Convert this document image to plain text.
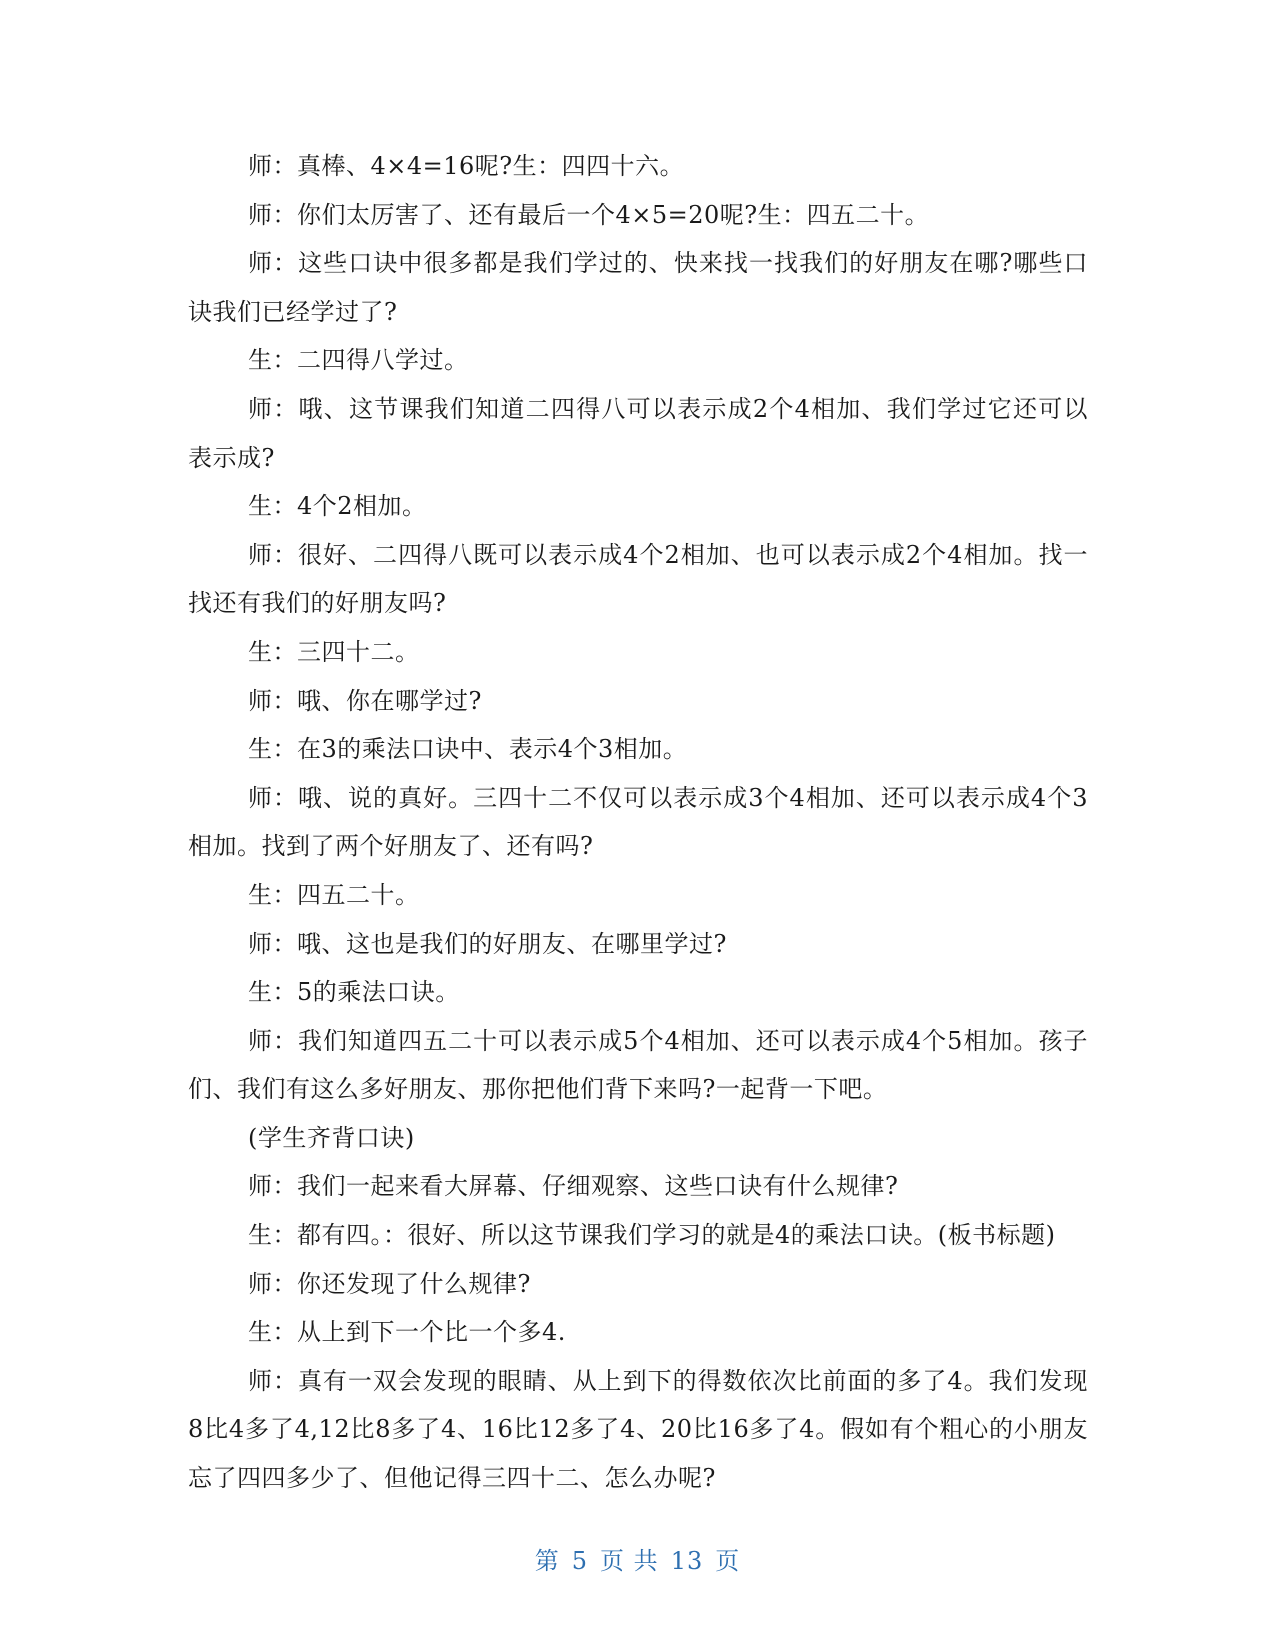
师：真棒、4×4=16呢?生：四四十六。

师：你们太厉害了、还有最后一个4×5=20呢?生：四五二十。

师：这些口诀中很多都是我们学过的、快来找一找我们的好朋友在哪?哪些口诀我们已经学过了?

生：二四得八学过。

师：哦、这节课我们知道二四得八可以表示成2个4相加、我们学过它还可以表示成?

生：4个2相加。

师：很好、二四得八既可以表示成4个2相加、也可以表示成2个4相加。找一找还有我们的好朋友吗?

生：三四十二。

师：哦、你在哪学过?

生：在3的乘法口诀中、表示4个3相加。

师：哦、说的真好。三四十二不仅可以表示成3个4相加、还可以表示成4个3相加。找到了两个好朋友了、还有吗?

生：四五二十。

师：哦、这也是我们的好朋友、在哪里学过?

生：5的乘法口诀。

师：我们知道四五二十可以表示成5个4相加、还可以表示成4个5相加。孩子们、我们有这么多好朋友、那你把他们背下来吗?一起背一下吧。

(学生齐背口诀)

师：我们一起来看大屏幕、仔细观察、这些口诀有什么规律?

生：都有四。：很好、所以这节课我们学习的就是4的乘法口诀。(板书标题)

师：你还发现了什么规律?

生：从上到下一个比一个多4.

师：真有一双会发现的眼睛、从上到下的得数依次比前面的多了4。我们发现8比4多了4,12比8多了4、16比12多了4、20比16多了4。假如有个粗心的小朋友忘了四四多少了、但他记得三四十二、怎么办呢?

第 5 页 共 13 页
